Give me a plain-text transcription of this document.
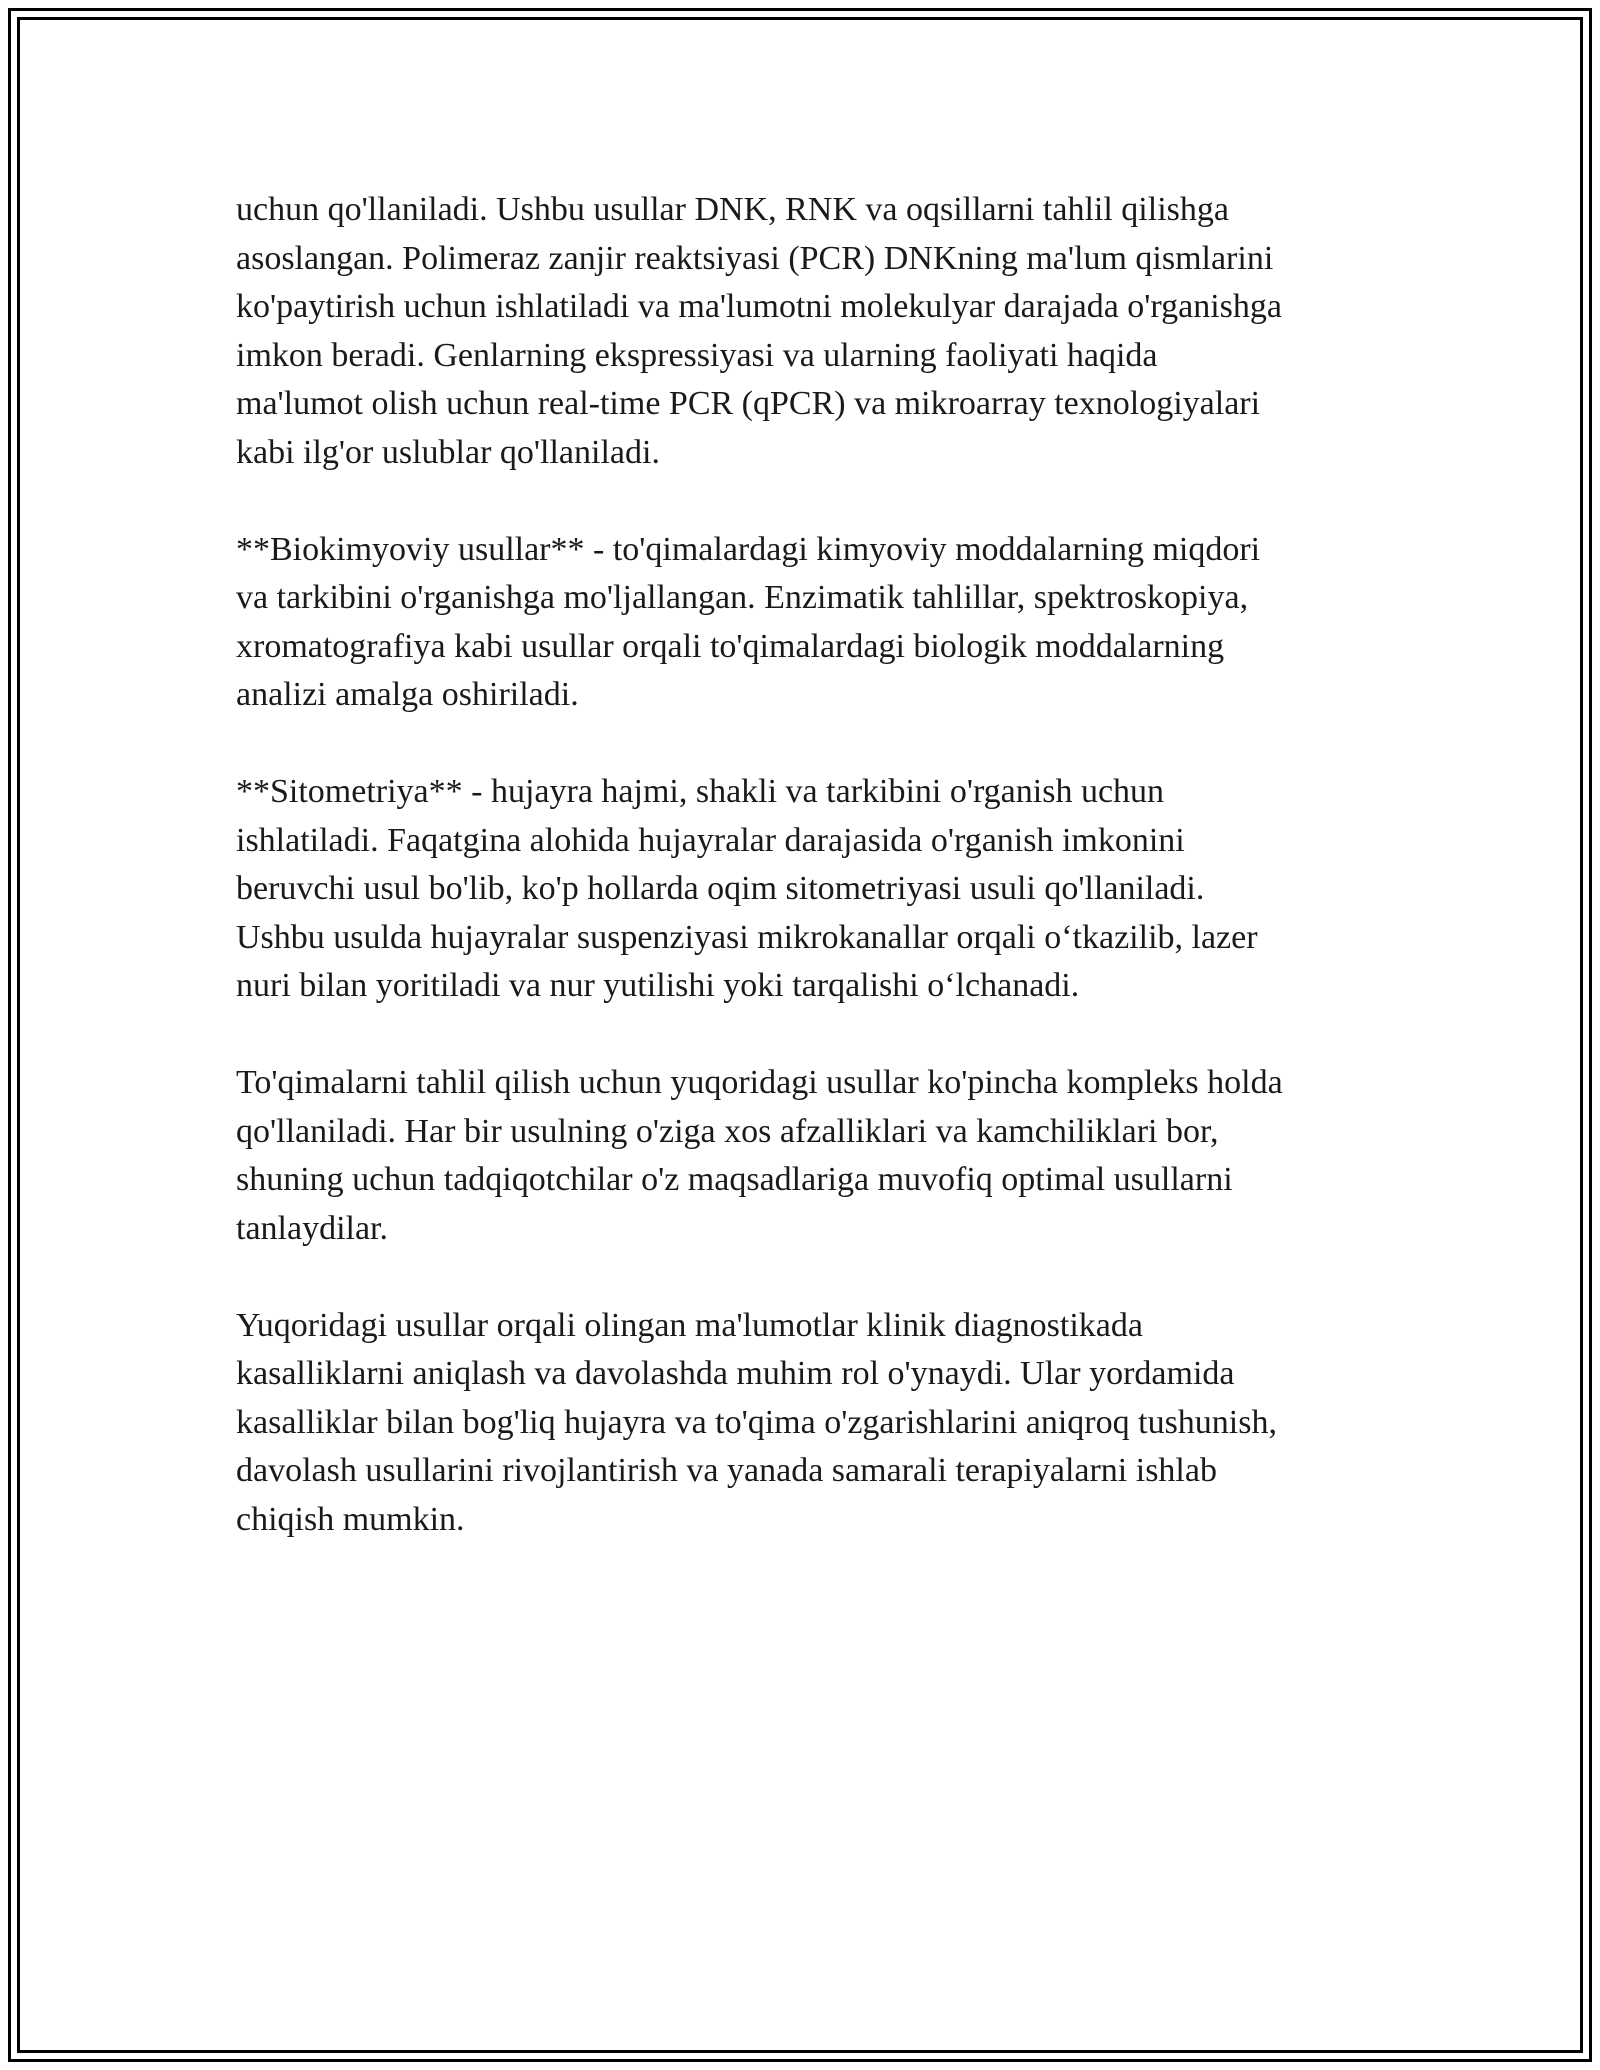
uchun qo'llaniladi. Ushbu usullar DNK, RNK va oqsillarni tahlil qilishga
asoslangan. Polimeraz zanjir reaktsiyasi (PCR) DNKning ma'lum qismlarini
ko'paytirish uchun ishlatiladi va ma'lumotni molekulyar darajada o'rganishga
imkon beradi. Genlarning ekspressiyasi va ularning faoliyati haqida
ma'lumot olish uchun real-time PCR (qPCR) va mikroarray texnologiyalari
kabi ilg'or uslublar qo'llaniladi.

**Biokimyoviy usullar** - to'qimalardagi kimyoviy moddalarning miqdori
va tarkibini o'rganishga mo'ljallangan. Enzimatik tahlillar, spektroskopiya,
xromatografiya kabi usullar orqali to'qimalardagi biologik moddalarning
analizi amalga oshiriladi.

**Sitometriya** - hujayra hajmi, shakli va tarkibini o'rganish uchun
ishlatiladi. Faqatgina alohida hujayralar darajasida o'rganish imkonini
beruvchi usul bo'lib, ko'p hollarda oqim sitometriyasi usuli qo'llaniladi.
Ushbu usulda hujayralar suspenziyasi mikrokanallar orqali o‘tkazilib, lazer
nuri bilan yoritiladi va nur yutilishi yoki tarqalishi o‘lchanadi.

To'qimalarni tahlil qilish uchun yuqoridagi usullar ko'pincha kompleks holda
qo'llaniladi. Har bir usulning o'ziga xos afzalliklari va kamchiliklari bor,
shuning uchun tadqiqotchilar o'z maqsadlariga muvofiq optimal usullarni
tanlaydilar.

Yuqoridagi usullar orqali olingan ma'lumotlar klinik diagnostikada
kasalliklarni aniqlash va davolashda muhim rol o'ynaydi. Ular yordamida
kasalliklar bilan bog'liq hujayra va to'qima o'zgarishlarini aniqroq tushunish,
davolash usullarini rivojlantirish va yanada samarali terapiyalarni ishlab
chiqish mumkin.
